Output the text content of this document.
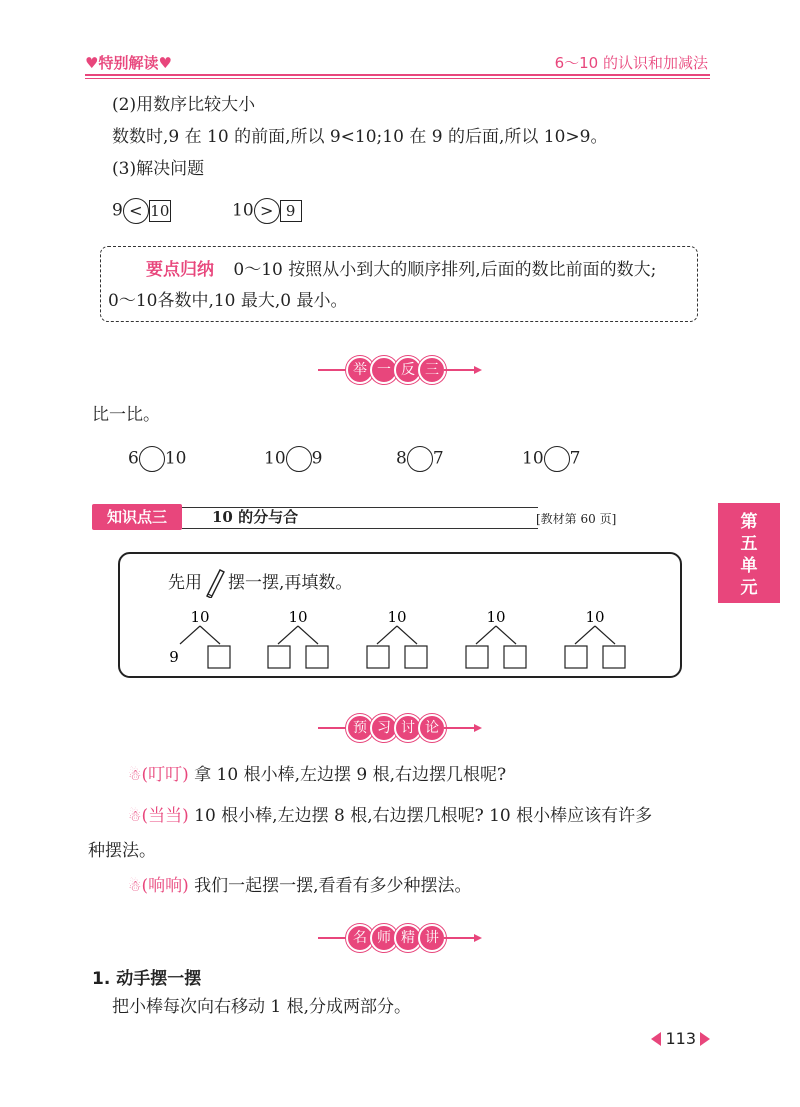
♥特别解读♥	6～10 的认识和加减法
(2)用数序比较大小
数数时,9 在 10 的前面,所以 9<10;10 在 9 的后面,所以 10>9。
(3)解决问题
9 < 10	10 > 9
要点归纳 0～10 按照从小到大的顺序排列,后面的数比前面的数大;
0～10各数中,10 最大,0 最小。
举 一 反 三
比一比。
6 10	10 9	8 7	10 7
知识点三	10 的分与合	[教材第 60 页]	第
五
单
元
先用 摆一摆,再填数。
10
9
10	10	10	10
预 习 讨 论
☃(叮叮) 拿 10 根小棒,左边摆 9 根,右边摆几根呢?
☃(当当) 10 根小棒,左边摆 8 根,右边摆几根呢? 10 根小棒应该有许多
种摆法。
☃(响响) 我们一起摆一摆,看看有多少种摆法。
名 师 精 讲
1. 动手摆一摆
把小棒每次向右移动 1 根,分成两部分。
113
